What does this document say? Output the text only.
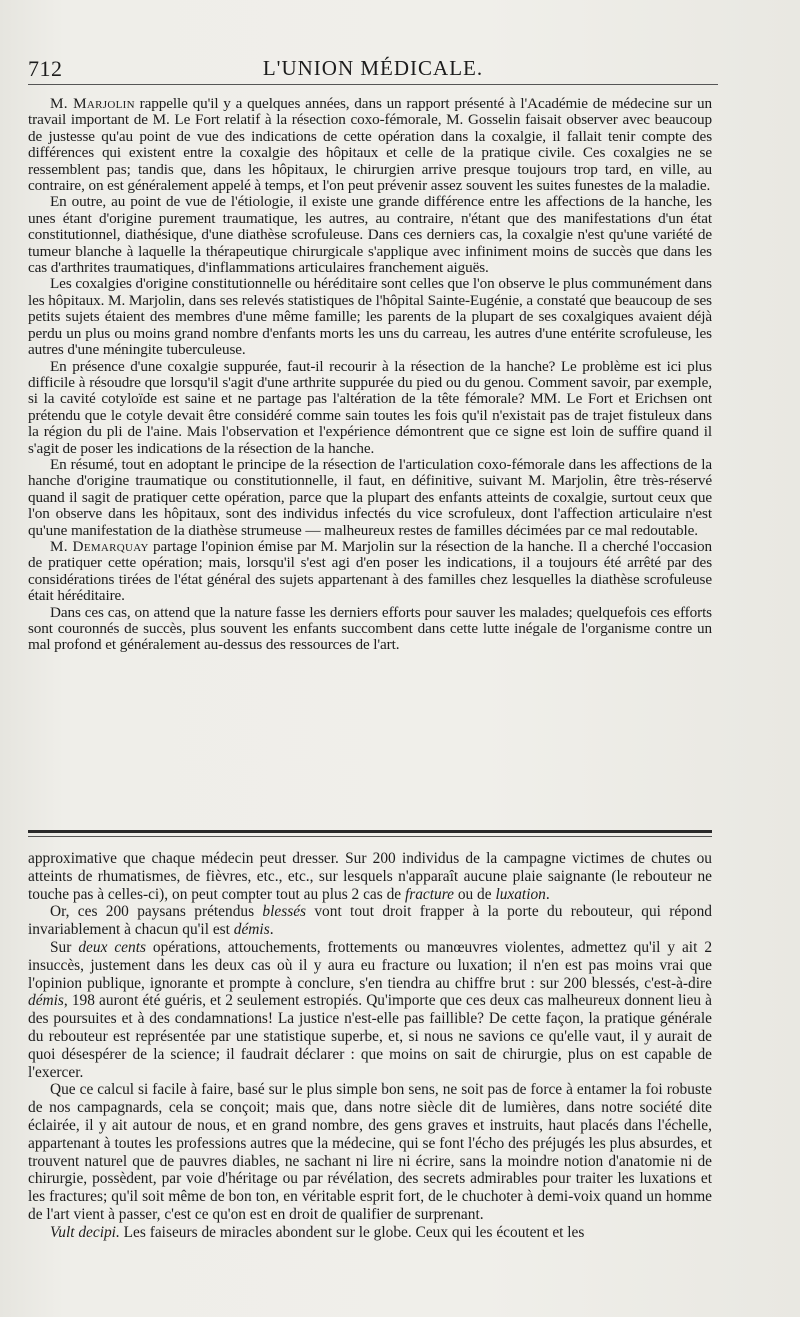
712	L'UNION MÉDICALE.

M. Marjolin rappelle qu'il y a quelques années, dans un rapport présenté à l'Académie de médecine sur un travail important de M. Le Fort relatif à la résection coxo-fémorale, M. Gosselin faisait observer avec beaucoup de justesse qu'au point de vue des indications de cette opération dans la coxalgie, il fallait tenir compte des différences qui existent entre la coxalgie des hôpitaux et celle de la pratique civile. Ces coxalgies ne se ressemblent pas; tandis que, dans les hôpitaux, le chirurgien arrive presque toujours trop tard, en ville, au contraire, on est généralement appelé à temps, et l'on peut prévenir assez souvent les suites funestes de la maladie.

En outre, au point de vue de l'étiologie, il existe une grande différence entre les affections de la hanche, les unes étant d'origine purement traumatique, les autres, au contraire, n'étant que des manifestations d'un état constitutionnel, diathésique, d'une diathèse scrofuleuse. Dans ces derniers cas, la coxalgie n'est qu'une variété de tumeur blanche à laquelle la thérapeutique chirurgicale s'applique avec infiniment moins de succès que dans les cas d'arthrites traumatiques, d'inflammations articulaires franchement aiguës.

Les coxalgies d'origine constitutionnelle ou héréditaire sont celles que l'on observe le plus communément dans les hôpitaux. M. Marjolin, dans ses relevés statistiques de l'hôpital Sainte-Eugénie, a constaté que beaucoup de ses petits sujets étaient des membres d'une même famille; les parents de la plupart de ses coxalgiques avaient déjà perdu un plus ou moins grand nombre d'enfants morts les uns du carreau, les autres d'une entérite scrofuleuse, les autres d'une méningite tuberculeuse.

En présence d'une coxalgie suppurée, faut-il recourir à la résection de la hanche? Le problème est ici plus difficile à résoudre que lorsqu'il s'agit d'une arthrite suppurée du pied ou du genou. Comment savoir, par exemple, si la cavité cotyloïde est saine et ne partage pas l'altération de la tête fémorale? MM. Le Fort et Erichsen ont prétendu que le cotyle devait être considéré comme sain toutes les fois qu'il n'existait pas de trajet fistuleux dans la région du pli de l'aine. Mais l'observation et l'expérience démontrent que ce signe est loin de suffire quand il s'agit de poser les indications de la résection de la hanche.

En résumé, tout en adoptant le principe de la résection de l'articulation coxo-fémorale dans les affections de la hanche d'origine traumatique ou constitutionnelle, il faut, en définitive, suivant M. Marjolin, être très-réservé quand il sagit de pratiquer cette opération, parce que la plupart des enfants atteints de coxalgie, surtout ceux que l'on observe dans les hôpitaux, sont des individus infectés du vice scrofuleux, dont l'affection articulaire n'est qu'une manifestation de la diathèse strumeuse — malheureux restes de familles décimées par ce mal redoutable.

M. Demarquay partage l'opinion émise par M. Marjolin sur la résection de la hanche. Il a cherché l'occasion de pratiquer cette opération; mais, lorsqu'il s'est agi d'en poser les indications, il a toujours été arrêté par des considérations tirées de l'état général des sujets appartenant à des familles chez lesquelles la diathèse scrofuleuse était héréditaire.

Dans ces cas, on attend que la nature fasse les derniers efforts pour sauver les malades; quelquefois ces efforts sont couronnés de succès, plus souvent les enfants succombent dans cette lutte inégale de l'organisme contre un mal profond et généralement au-dessus des ressources de l'art.

approximative que chaque médecin peut dresser. Sur 200 individus de la campagne victimes de chutes ou atteints de rhumatismes, de fièvres, etc., etc., sur lesquels n'apparaît aucune plaie saignante (le rebouteur ne touche pas à celles-ci), on peut compter tout au plus 2 cas de fracture ou de luxation.

Or, ces 200 paysans prétendus blessés vont tout droit frapper à la porte du rebouteur, qui répond invariablement à chacun qu'il est démis.

Sur deux cents opérations, attouchements, frottements ou manœuvres violentes, admettez qu'il y ait 2 insuccès, justement dans les deux cas où il y aura eu fracture ou luxation; il n'en est pas moins vrai que l'opinion publique, ignorante et prompte à conclure, s'en tiendra au chiffre brut : sur 200 blessés, c'est-à-dire démis, 198 auront été guéris, et 2 seulement estropiés. Qu'importe que ces deux cas malheureux donnent lieu à des poursuites et à des condamnations! La justice n'est-elle pas faillible? De cette façon, la pratique générale du rebouteur est représentée par une statistique superbe, et, si nous ne savions ce qu'elle vaut, il y aurait de quoi désespérer de la science; il faudrait déclarer : que moins on sait de chirurgie, plus on est capable de l'exercer.

Que ce calcul si facile à faire, basé sur le plus simple bon sens, ne soit pas de force à entamer la foi robuste de nos campagnards, cela se conçoit; mais que, dans notre siècle dit de lumières, dans notre société dite éclairée, il y ait autour de nous, et en grand nombre, des gens graves et instruits, haut placés dans l'échelle, appartenant à toutes les professions autres que la médecine, qui se font l'écho des préjugés les plus absurdes, et trouvent naturel que de pauvres diables, ne sachant ni lire ni écrire, sans la moindre notion d'anatomie ni de chirurgie, possèdent, par voie d'héritage ou par révélation, des secrets admirables pour traiter les luxations et les fractures; qu'il soit même de bon ton, en véritable esprit fort, de le chuchoter à demi-voix quand un homme de l'art vient à passer, c'est ce qu'on est en droit de qualifier de surprenant.

Vult decipi. Les faiseurs de miracles abondent sur le globe. Ceux qui les écoutent et les
